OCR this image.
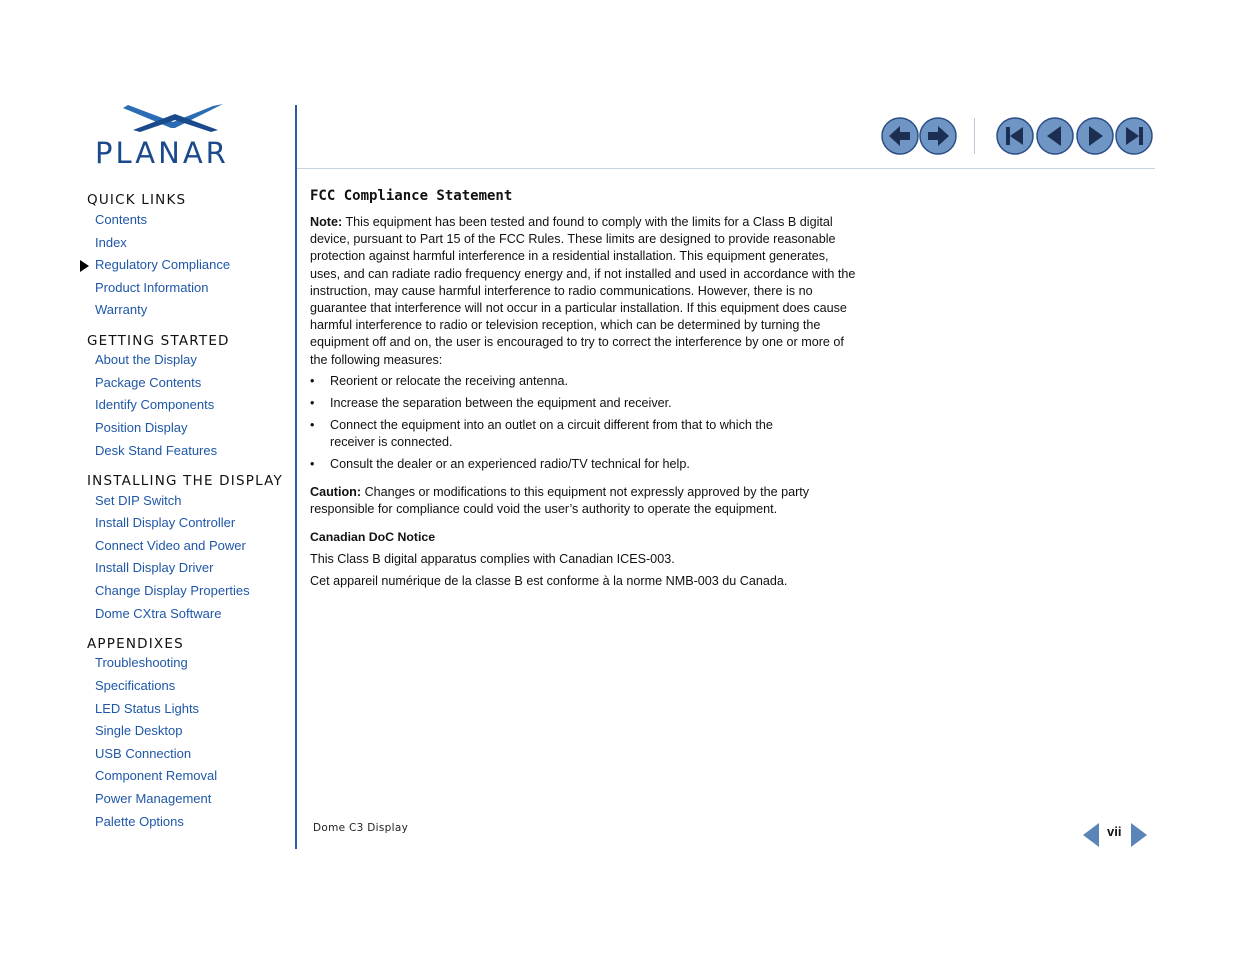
PLANAR
QUICK LINKS
Contents
Index
Regulatory Compliance
Product Information
Warranty
GETTING STARTED
About the Display
Package Contents
Identify Components
Position Display
Desk Stand Features
INSTALLING THE DISPLAY
Set DIP Switch
Install Display Controller
Connect Video and Power
Install Display Driver
Change Display Properties
Dome CXtra Software
APPENDIXES
Troubleshooting
Specifications
LED Status Lights
Single Desktop
USB Connection
Component Removal
Power Management
Palette Options
FCC Compliance Statement
Note: This equipment has been tested and found to comply with the limits for a Class B digital device, pursuant to Part 15 of the FCC Rules. These limits are designed to provide reasonable protection against harmful interference in a residential installation. This equipment generates, uses, and can radiate radio frequency energy and, if not installed and used in accordance with the instruction, may cause harmful interference to radio communications. However, there is no guarantee that interference will not occur in a particular installation. If this equipment does cause harmful interference to radio or television reception, which can be determined by turning the equipment off and on, the user is encouraged to try to correct the interference by one or more of the following measures:
• Reorient or relocate the receiving antenna.
• Increase the separation between the equipment and receiver.
• Connect the equipment into an outlet on a circuit different from that to which the receiver is connected.
• Consult the dealer or an experienced radio/TV technical for help.
Caution: Changes or modifications to this equipment not expressly approved by the party responsible for compliance could void the user’s authority to operate the equipment.
Canadian DoC Notice
This Class B digital apparatus complies with Canadian ICES-003.
Cet appareil numérique de la classe B est conforme à la norme NMB-003 du Canada.
Dome C3 Display	vii
